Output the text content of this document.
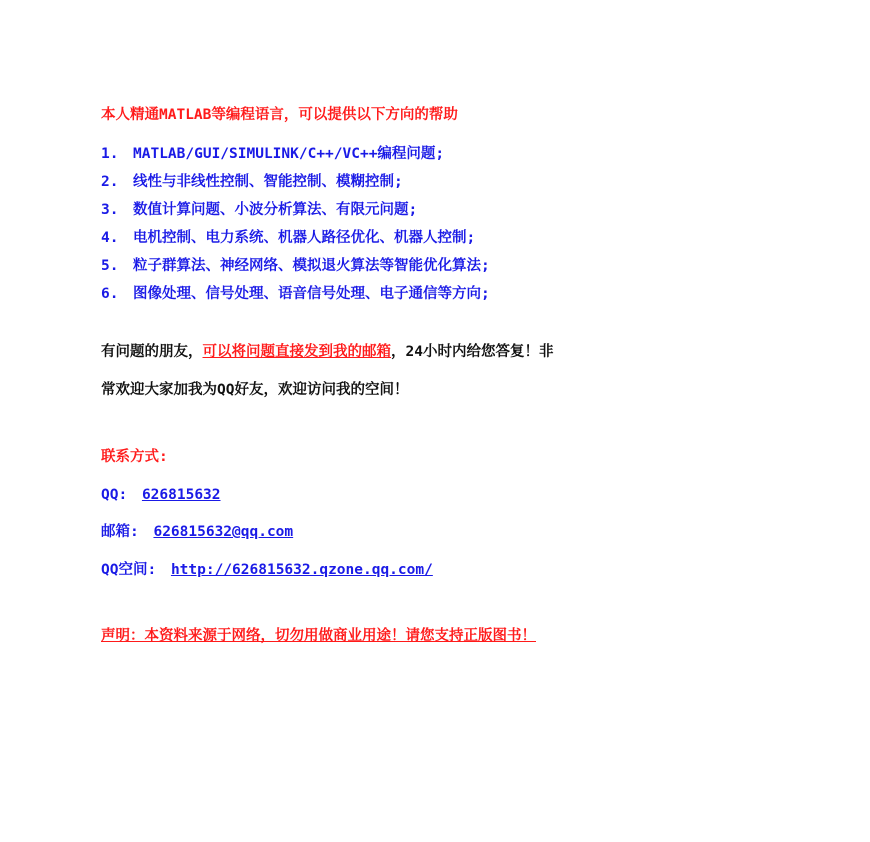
本人精通MATLAB等编程语言，可以提供以下方向的帮助
1. MATLAB/GUI/SIMULINK/C++/VC++编程问题;
2. 线性与非线性控制、智能控制、模糊控制;
3. 数值计算问题、小波分析算法、有限元问题;
4. 电机控制、电力系统、机器人路径优化、机器人控制;
5. 粒子群算法、神经网络、模拟退火算法等智能优化算法;
6. 图像处理、信号处理、语音信号处理、电子通信等方向;
有问题的朋友，可以将问题直接发到我的邮箱，24小时内给您答复！非
常欢迎大家加我为QQ好友，欢迎访问我的空间！
联系方式:
QQ: 626815632
邮箱: 626815632@qq.com
QQ空间: http://626815632.qzone.qq.com/
声明：本资料来源于网络，切勿用做商业用途！请您支持正版图书！
